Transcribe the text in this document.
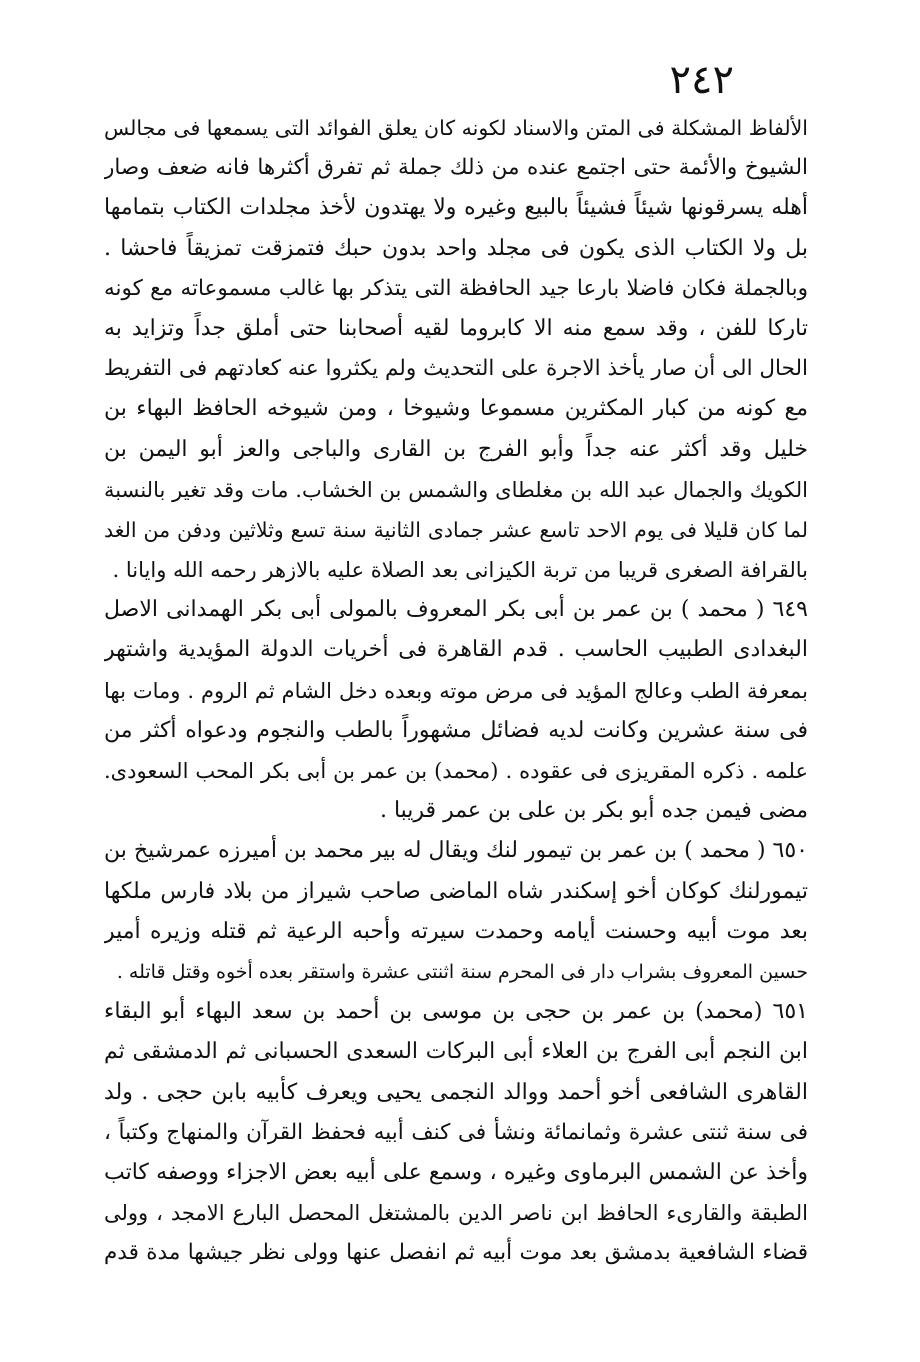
٢٤٢
الألفاظ المشكلة فى المتن والاسناد لكونه كان يعلق الفوائد التى يسمعها فى مجالس
الشيوخ والأئمة حتى اجتمع عنده من ذلك جملة ثم تفرق أكثرها فانه ضعف وصار
أهله يسرقونها شيئاً فشيئاً بالبيع وغيره ولا يهتدون لأخذ مجلدات الكتاب بتمامها
بل ولا الكتاب الذى يكون فى مجلد واحد بدون حبك فتمزقت تمزيقاً فاحشا .
وبالجملة فكان فاضلا بارعا جيد الحافظة التى يتذكر بها غالب مسموعاته مع كونه
تاركا للفن ، وقد سمع منه الا كابروما لقيه أصحابنا حتى أملق جداً وتزايد به
الحال الى أن صار يأخذ الاجرة على التحديث ولم يكثروا عنه كعادتهم فى التفريط
مع كونه من كبار المكثرين مسموعا وشيوخا ، ومن شيوخه الحافظ البهاء بن
خليل وقد أكثر عنه جداً وأبو الفرج بن القارى والباجى والعز أبو اليمن بن
الكويك والجمال عبد الله بن مغلطاى والشمس بن الخشاب. مات وقد تغير بالنسبة
لما كان قليلا فى يوم الاحد تاسع عشر جمادى الثانية سنة تسع وثلاثين ودفن من الغد
بالقرافة الصغرى قريبا من تربة الكيزانى بعد الصلاة عليه بالازهر رحمه الله وايانا .
٦٤٩ ( محمد ) بن عمر بن أبى بكر المعروف بالمولى أبى بكر الهمدانى الاصل
البغدادى الطبيب الحاسب . قدم القاهرة فى أخريات الدولة المؤيدية واشتهر
بمعرفة الطب وعالج المؤيد فى مرض موته وبعده دخل الشام ثم الروم . ومات بها
فى سنة عشرين وكانت لديه فضائل مشهوراً بالطب والنجوم ودعواه أكثر من
علمه . ذكره المقريزى فى عقوده . (محمد) بن عمر بن أبى بكر المحب السعودى.
مضى فيمن جده أبو بكر بن على بن عمر قريبا .
٦٥٠ ( محمد ) بن عمر بن تيمور لنك ويقال له بير محمد بن أميرزه عمرشيخ بن
تيمورلنك كوكان أخو إسكندر شاه الماضى صاحب شيراز من بلاد فارس ملكها
بعد موت أبيه وحسنت أيامه وحمدت سيرته وأحبه الرعية ثم قتله وزيره أمير
حسين المعروف بشراب دار فى المحرم سنة اثنتى عشرة واستقر بعده أخوه وقتل قاتله .
٦٥١ (محمد) بن عمر بن حجى بن موسى بن أحمد بن سعد البهاء أبو البقاء
ابن النجم أبى الفرج بن العلاء أبى البركات السعدى الحسبانى ثم الدمشقى ثم
القاهرى الشافعى أخو أحمد ووالد النجمى يحيى ويعرف كأبيه بابن حجى . ولد
فى سنة ثنتى عشرة وثمانمائة ونشأ فى كنف أبيه فحفظ القرآن والمنهاج وكتباً ،
وأخذ عن الشمس البرماوى وغيره ، وسمع على أبيه بعض الاجزاء ووصفه كاتب
الطبقة والقارىء الحافظ ابن ناصر الدين بالمشتغل المحصل البارع الامجد ، وولى
قضاء الشافعية بدمشق بعد موت أبيه ثم انفصل عنها وولى نظر جيشها مدة قدم
